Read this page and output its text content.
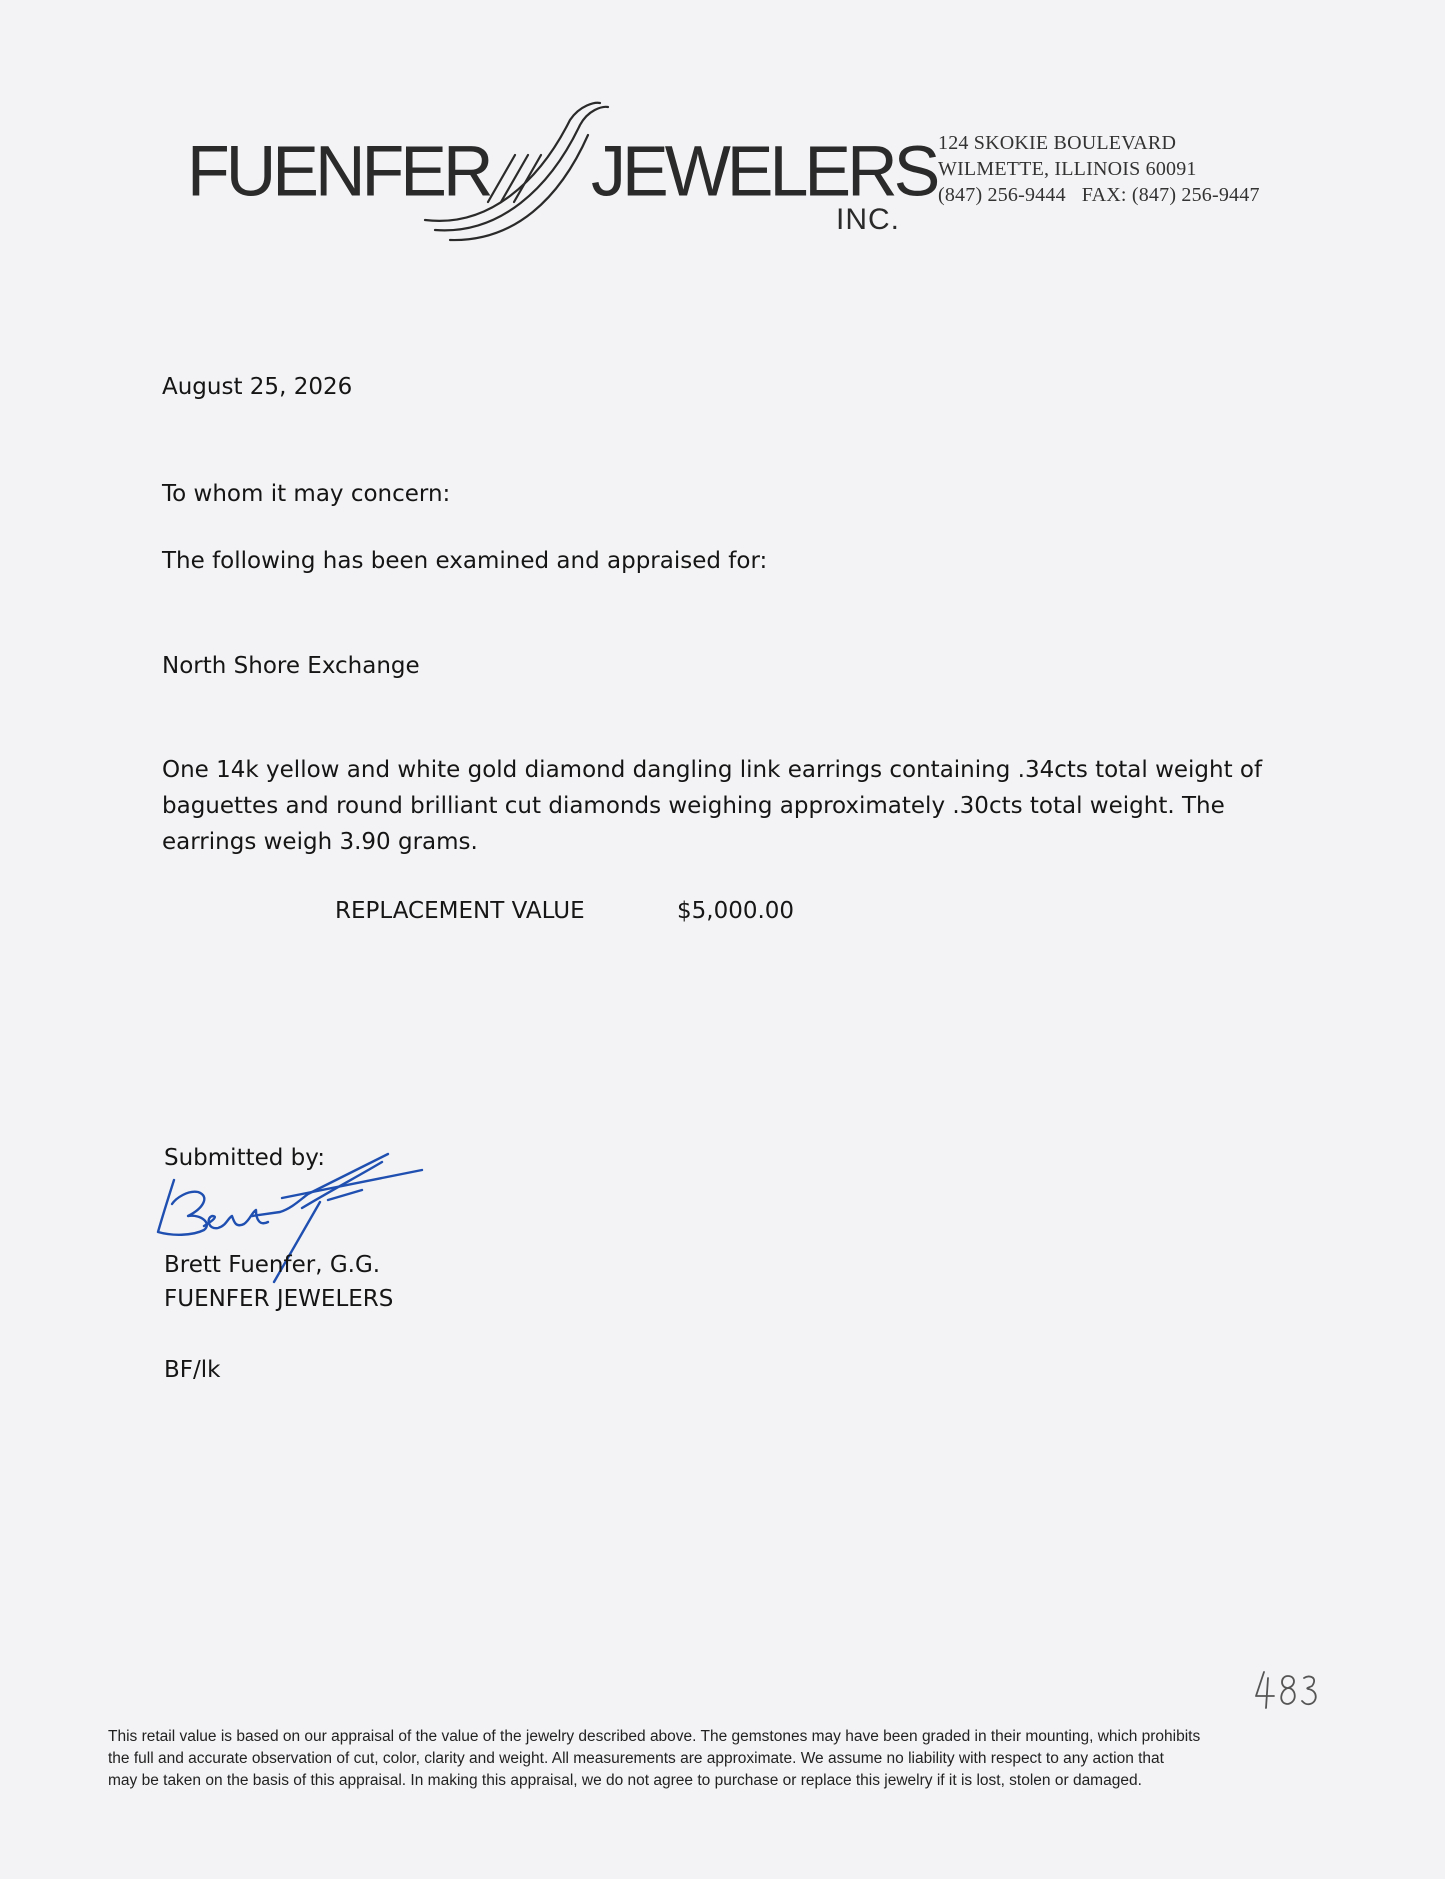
FUENFER JEWELERS
INC.
124 SKOKIE BOULEVARD
WILMETTE, ILLINOIS 60091
(847) 256-9444 FAX: (847) 256-9447
August 25, 2026
To whom it may concern:
The following has been examined and appraised for:
North Shore Exchange
One 14k yellow and white gold diamond dangling link earrings containing .34cts total weight of
baguettes and round brilliant cut diamonds weighing approximately .30cts total weight. The
earrings weigh 3.90 grams.
REPLACEMENT VALUE	$5,000.00
Submitted by:
Brett Fuenfer, G.G.
FUENFER JEWELERS
BF/lk
This retail value is based on our appraisal of the value of the jewelry described above. The gemstones may have been graded in their mounting, which prohibits
the full and accurate observation of cut, color, clarity and weight. All measurements are approximate. We assume no liability with respect to any action that
may be taken on the basis of this appraisal. In making this appraisal, we do not agree to purchase or replace this jewelry if it is lost, stolen or damaged.
